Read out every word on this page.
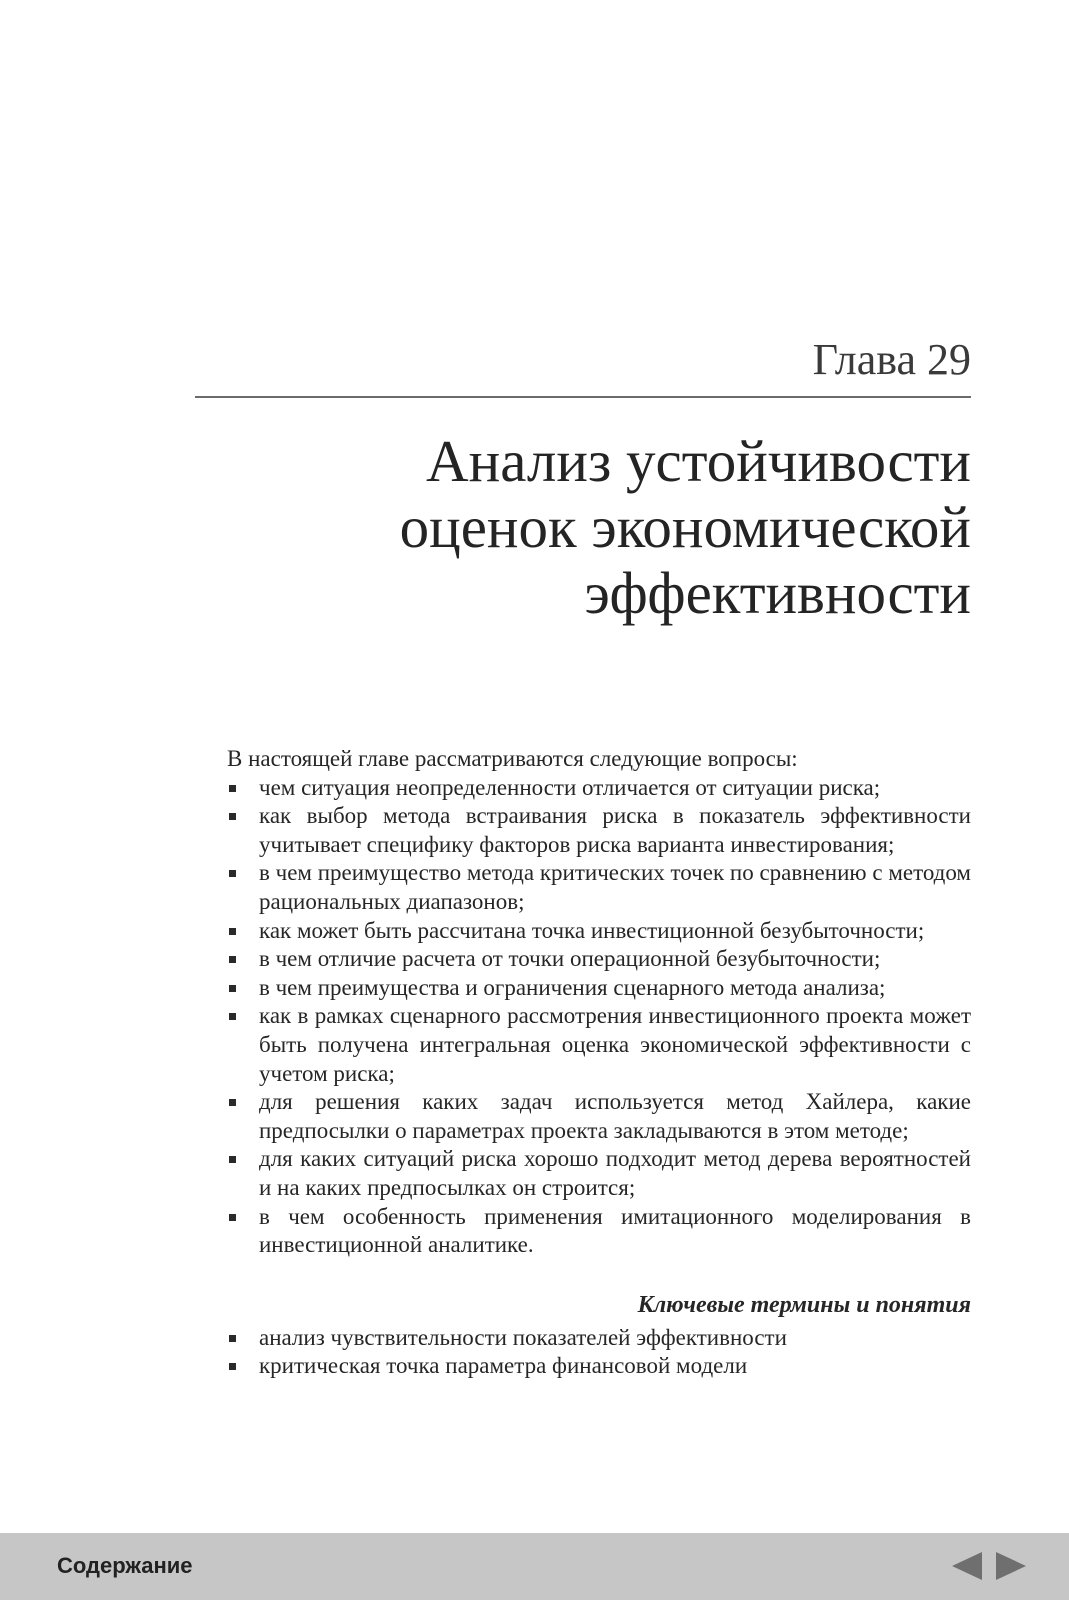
Глава 29
Анализ устойчивости
оценок экономической
эффективности

В настоящей главе рассматриваются следующие вопросы:

чем ситуация неопределенности отличается от ситуации риска;
как выбор метода встраивания риска в показатель эффективности учитывает специфику факторов риска варианта инвестирования;
в чем преимущество метода критических точек по сравнению с методом рациональных диапазонов;
как может быть рассчитана точка инвестиционной безубыточности;
в чем отличие расчета от точки операционной безубыточности;
в чем преимущества и ограничения сценарного метода анализа;
как в рамках сценарного рассмотрения инвестиционного проекта может быть получена интегральная оценка экономической эффективности с учетом риска;
для решения каких задач используется метод Хайлера, какие предпосылки о параметрах проекта закладываются в этом методе;
для каких ситуаций риска хорошо подходит метод дерева вероятностей и на каких предпосылках он строится;
в чем особенность применения имитационного моделирования в инвестиционной аналитике.
Ключевые термины и понятия
анализ чувствительности показателей эффективности
критическая точка параметра финансовой модели
Содержание
